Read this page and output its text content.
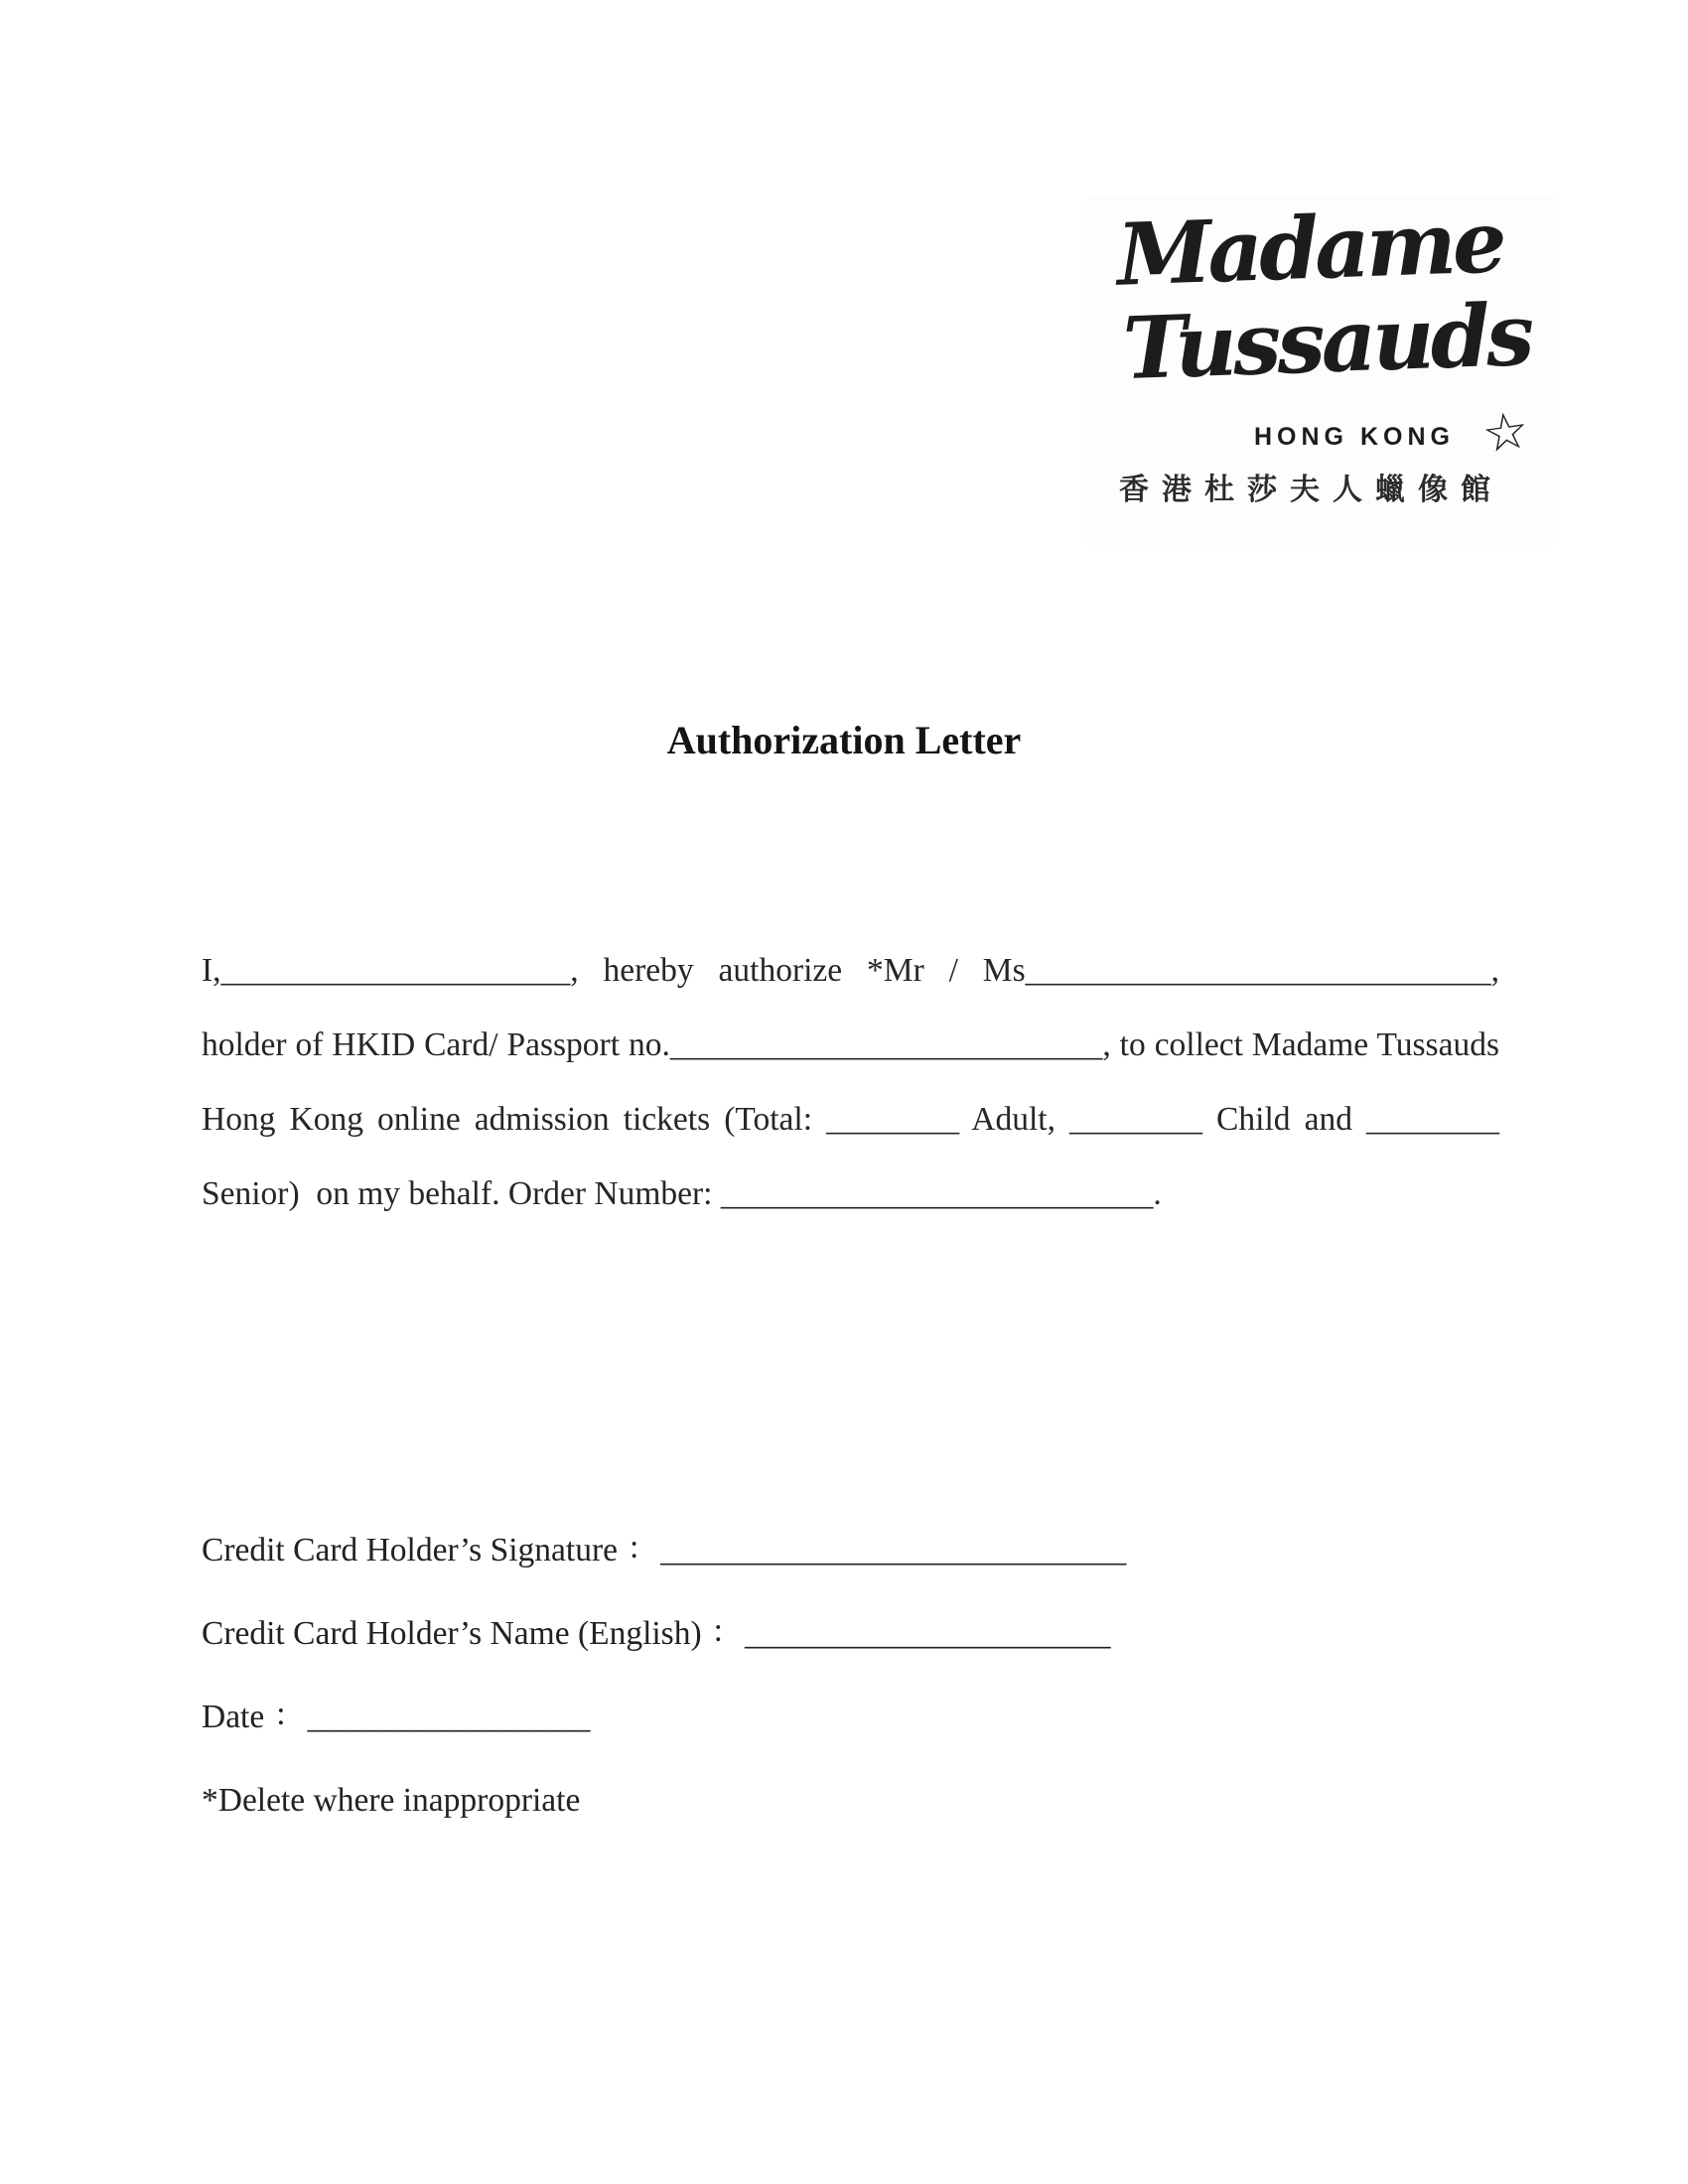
Madame
Tussauds
HONG KONG ☆
香港杜莎夫人蠟像館
Authorization Letter
I,_____________________, hereby authorize *Mr / Ms____________________________,
holder of HKID Card/ Passport no.__________________________, to collect Madame Tussauds
Hong Kong online admission tickets (Total: ________ Adult, ________ Child and ________
Senior)  on my behalf. Order Number: __________________________.
Credit Card Holder’s Signature : ____________________________
Credit Card Holder’s Name (English) : ______________________
Date : _________________
*Delete where inappropriate
